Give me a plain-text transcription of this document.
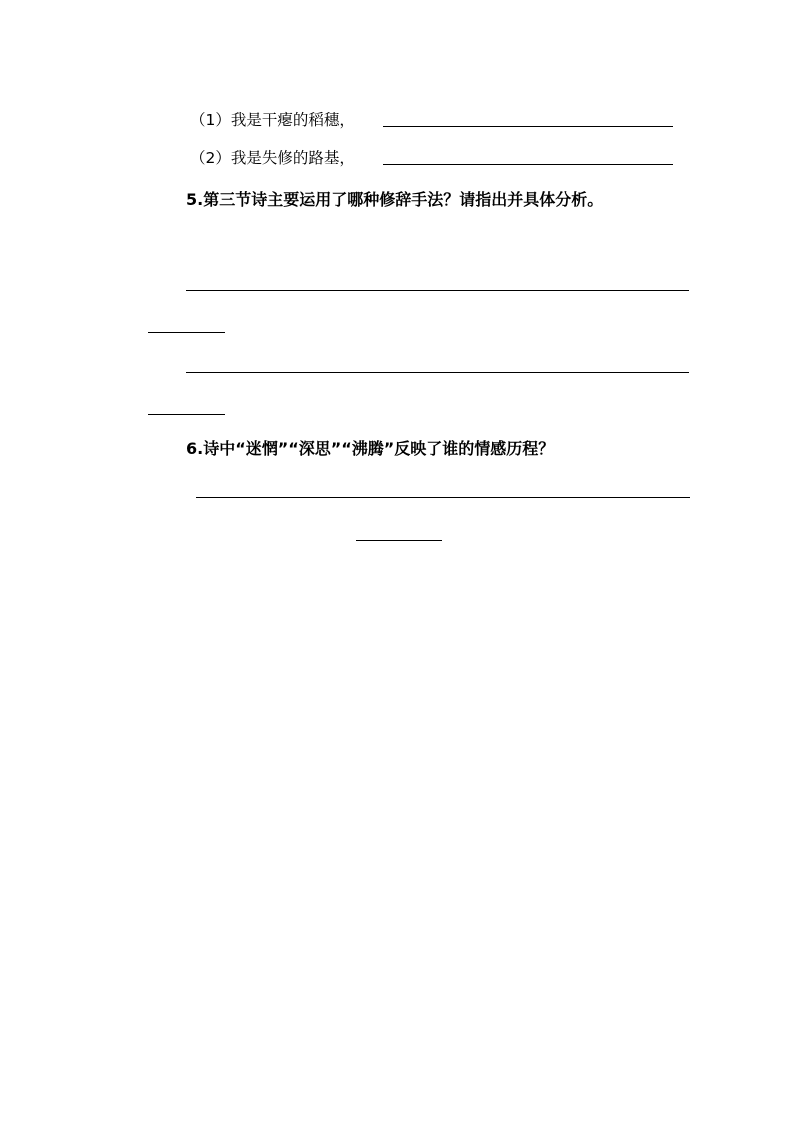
（1）我是干瘪的稻穗，
（2）我是失修的路基，
5.第三节诗主要运用了哪种修辞手法？请指出并具体分析。
6.诗中“迷惘”“深思”“沸腾”反映了谁的情感历程？
